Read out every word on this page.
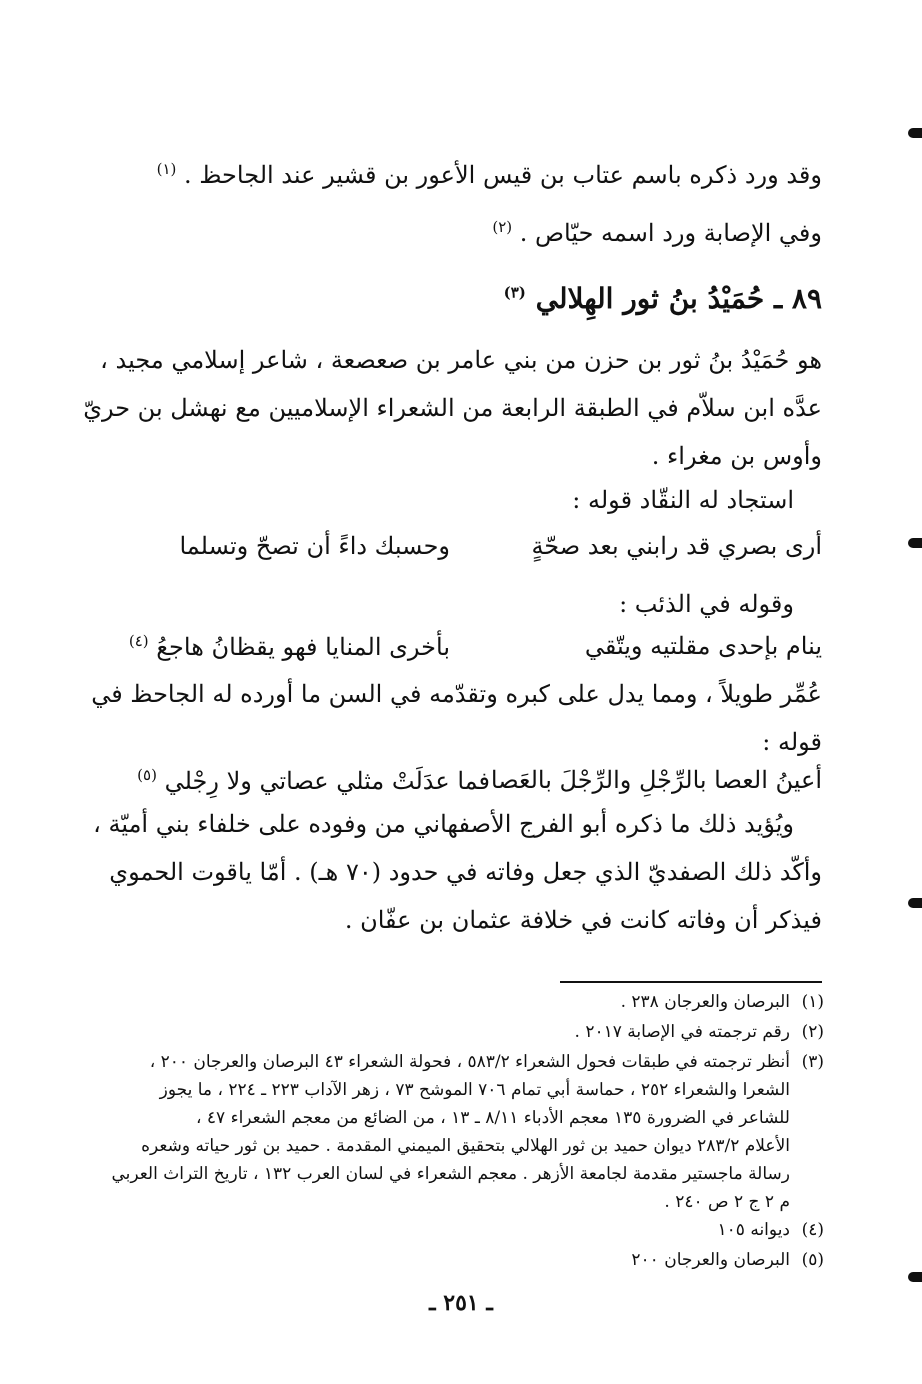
وقد ورد ذكره باسم عتاب بن قيس الأعور بن قشير عند الجاحظ . $^{(١)}$
وفي الإصابة ورد اسمه حيّاص . $^{(٢)}$
٨٩ ـ حُمَيْدُ بنُ ثور الهِلالي $^{(٣)}$
هو حُمَيْدُ بنُ ثور بن حزن من بني عامر بن صعصعة ، شاعر إسلامي مجيد ،
عدَّه ابن سلاّم في الطبقة الرابعة من الشعراء الإسلاميين مع نهشل بن حريّ
وأوس بن مغراء .
استجاد له النقّاد قوله :
أرى بصري قد رابني بعد صحّةٍ
وحسبك داءً أن تصحّ وتسلما
وقوله في الذئب :
ينام بإحدى مقلتيه ويتّقي
بأخرى المنايا فهو يقظانُ هاجعُ $^{(٤)}$
عُمِّر طويلاً ، ومما يدل على كبره وتقدّمه في السن ما أورده له الجاحظ في
قوله :
أعينُ العصا بالرِّجْلِ والرِّجْلَ بالعَصا
فما عدَلَتْ مثلي عصاتي ولا رِجْلي $^{(٥)}$
ويُؤيد ذلك ما ذكره أبو الفرج الأصفهاني من وفوده على خلفاء بني أميّة ،
وأكّد ذلك الصفديّ الذي جعل وفاته في حدود (٧٠ هـ) . أمّا ياقوت الحموي
فيذكر أن وفاته كانت في خلافة عثمان بن عفّان .
(١)البرصان والعرجان ٢٣٨ .
(٢)رقم ترجمته في الإصابة ٢٠١٧ .
(٣)أنظر ترجمته في طبقات فحول الشعراء ٥٨٣/٢ ، فحولة الشعراء ٤٣ البرصان والعرجان ٢٠٠ ،
الشعرا والشعراء ٢٥٢ ، حماسة أبي تمام ٧٠٦ الموشح ٧٣ ، زهر الآداب ٢٢٣ ـ ٢٢٤ ، ما يجوز
للشاعر في الضرورة ١٣٥ معجم الأدباء ٨/١١ ـ ١٣ ، من الضائع من معجم الشعراء ٤٧ ،
الأعلام ٢٨٣/٢ ديوان حميد بن ثور الهلالي بتحقيق الميمني المقدمة . حميد بن ثور حياته وشعره
رسالة ماجستير مقدمة لجامعة الأزهر . معجم الشعراء في لسان العرب ١٣٢ ، تاريخ التراث العربي
م ٢ ج ٢ ص ٢٤٠ .
(٤)ديوانه ١٠٥
(٥)البرصان والعرجان ٢٠٠
ـ ٢٥١ ـ
